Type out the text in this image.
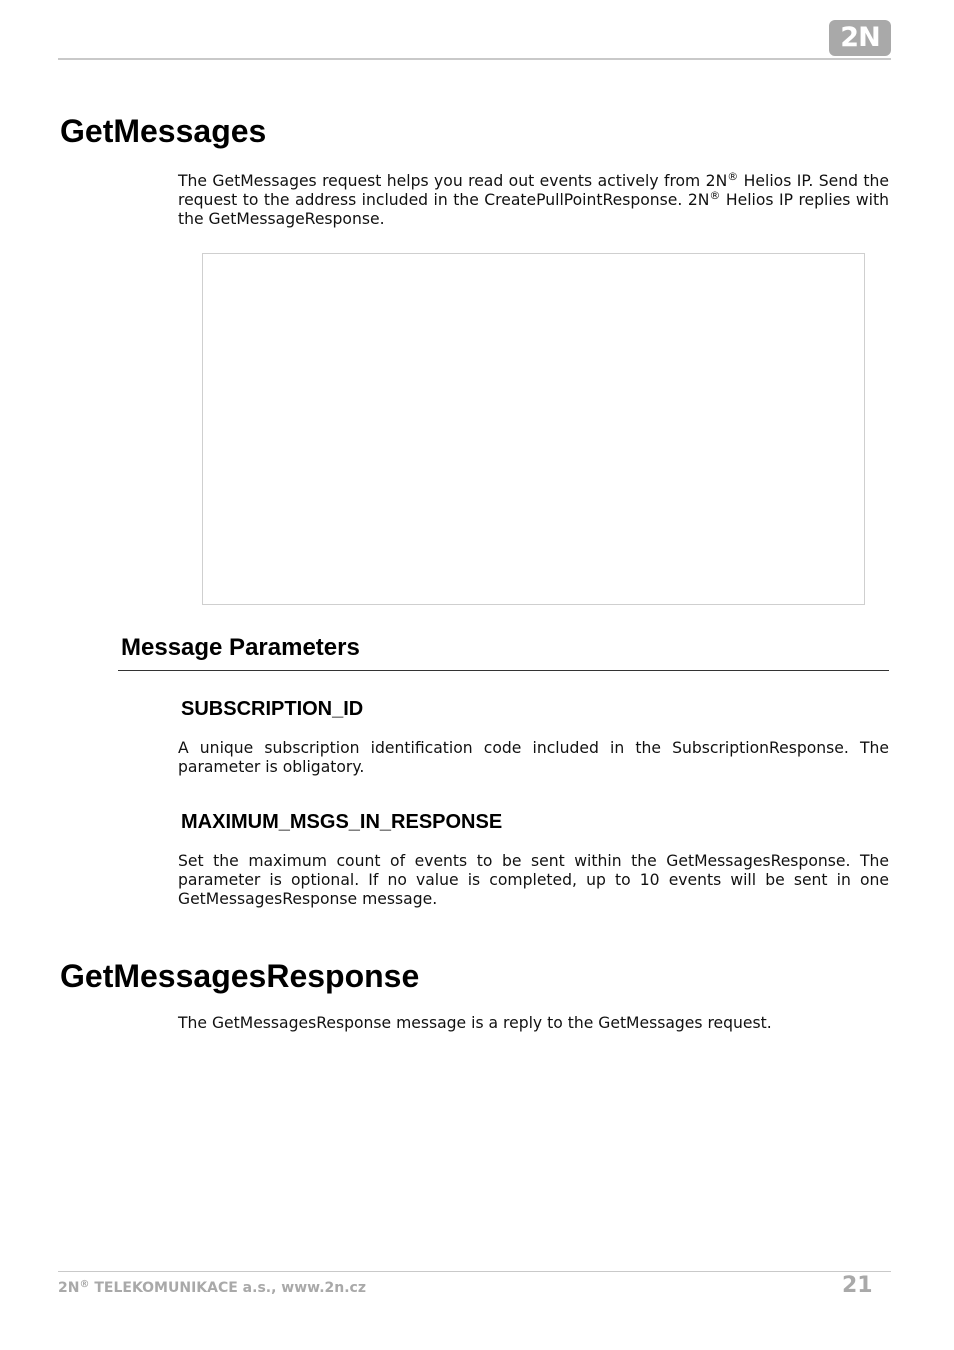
2N
GetMessages

The GetMessages request helps you read out events actively from 2N® Helios IP. Send the request to the address included in the CreatePullPointResponse. 2N® Helios IP replies with the GetMessageResponse.

Message Parameters
SUBSCRIPTION_ID

A unique subscription identification code included in the SubscriptionResponse. The parameter is obligatory.

MAXIMUM_MSGS_IN_RESPONSE

Set the maximum count of events to be sent within the GetMessagesResponse. The parameter is optional. If no value is completed, up to 10 events will be sent in one GetMessagesResponse message.

GetMessagesResponse

The GetMessagesResponse message is a reply to the GetMessages request.

2N® TELEKOMUNIKACE a.s., www.2n.cz	21
